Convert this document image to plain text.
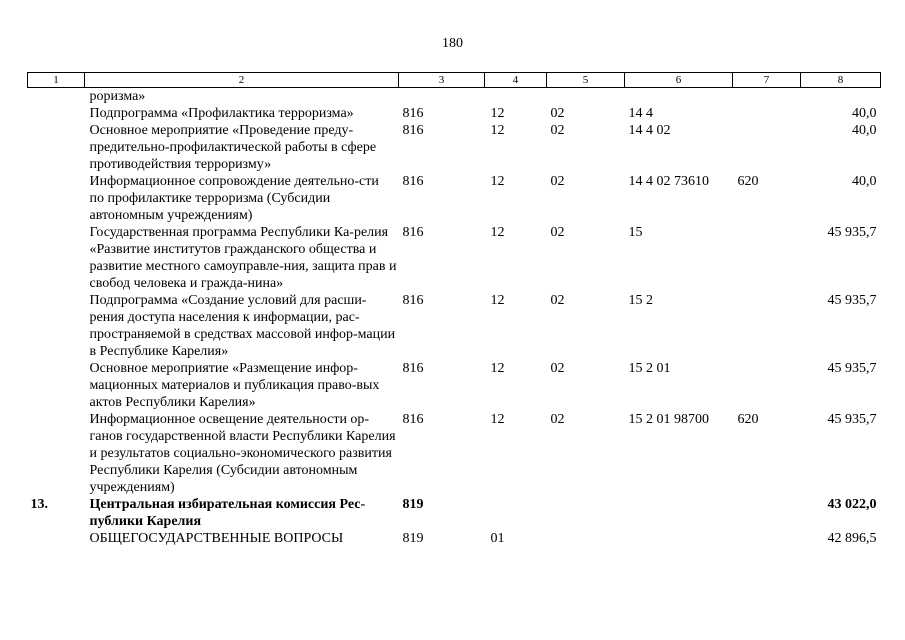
180
1	2	3	4	5	6	7	8
	роризма»						
	Подпрограмма «Профилактика терроризма»	816	12	02	14 4		40,0
	Основное мероприятие «Проведение преду-предительно-профилактической работы в сфере противодействия терроризму»	816	12	02	14 4 02		40,0
	Информационное сопровождение деятельно-сти по профилактике терроризма (Субсидии автономным учреждениям)	816	12	02	14 4 02 73610	620	40,0
	Государственная программа Республики Ка-релия «Развитие институтов гражданского общества и развитие местного самоуправле-ния, защита прав и свобод человека и гражда-нина»	816	12	02	15		45 935,7
	Подпрограмма «Создание условий для расши-рения доступа населения к информации, рас-пространяемой в средствах массовой инфор-мации в Республике Карелия»	816	12	02	15 2		45 935,7
	Основное мероприятие «Размещение инфор-мационных материалов и публикация право-вых актов Республики Карелия»	816	12	02	15 2 01		45 935,7
	Информационное освещение деятельности ор-ганов государственной власти Республики Карелия и результатов социально-экономического развития Республики Карелия (Субсидии автономным учреждениям)	816	12	02	15 2 01 98700	620	45 935,7
13.	Центральная избирательная комиссия Рес-публики Карелия	819					43 022,0
	ОБЩЕГОСУДАРСТВЕННЫЕ ВОПРОСЫ	819	01				42 896,5
